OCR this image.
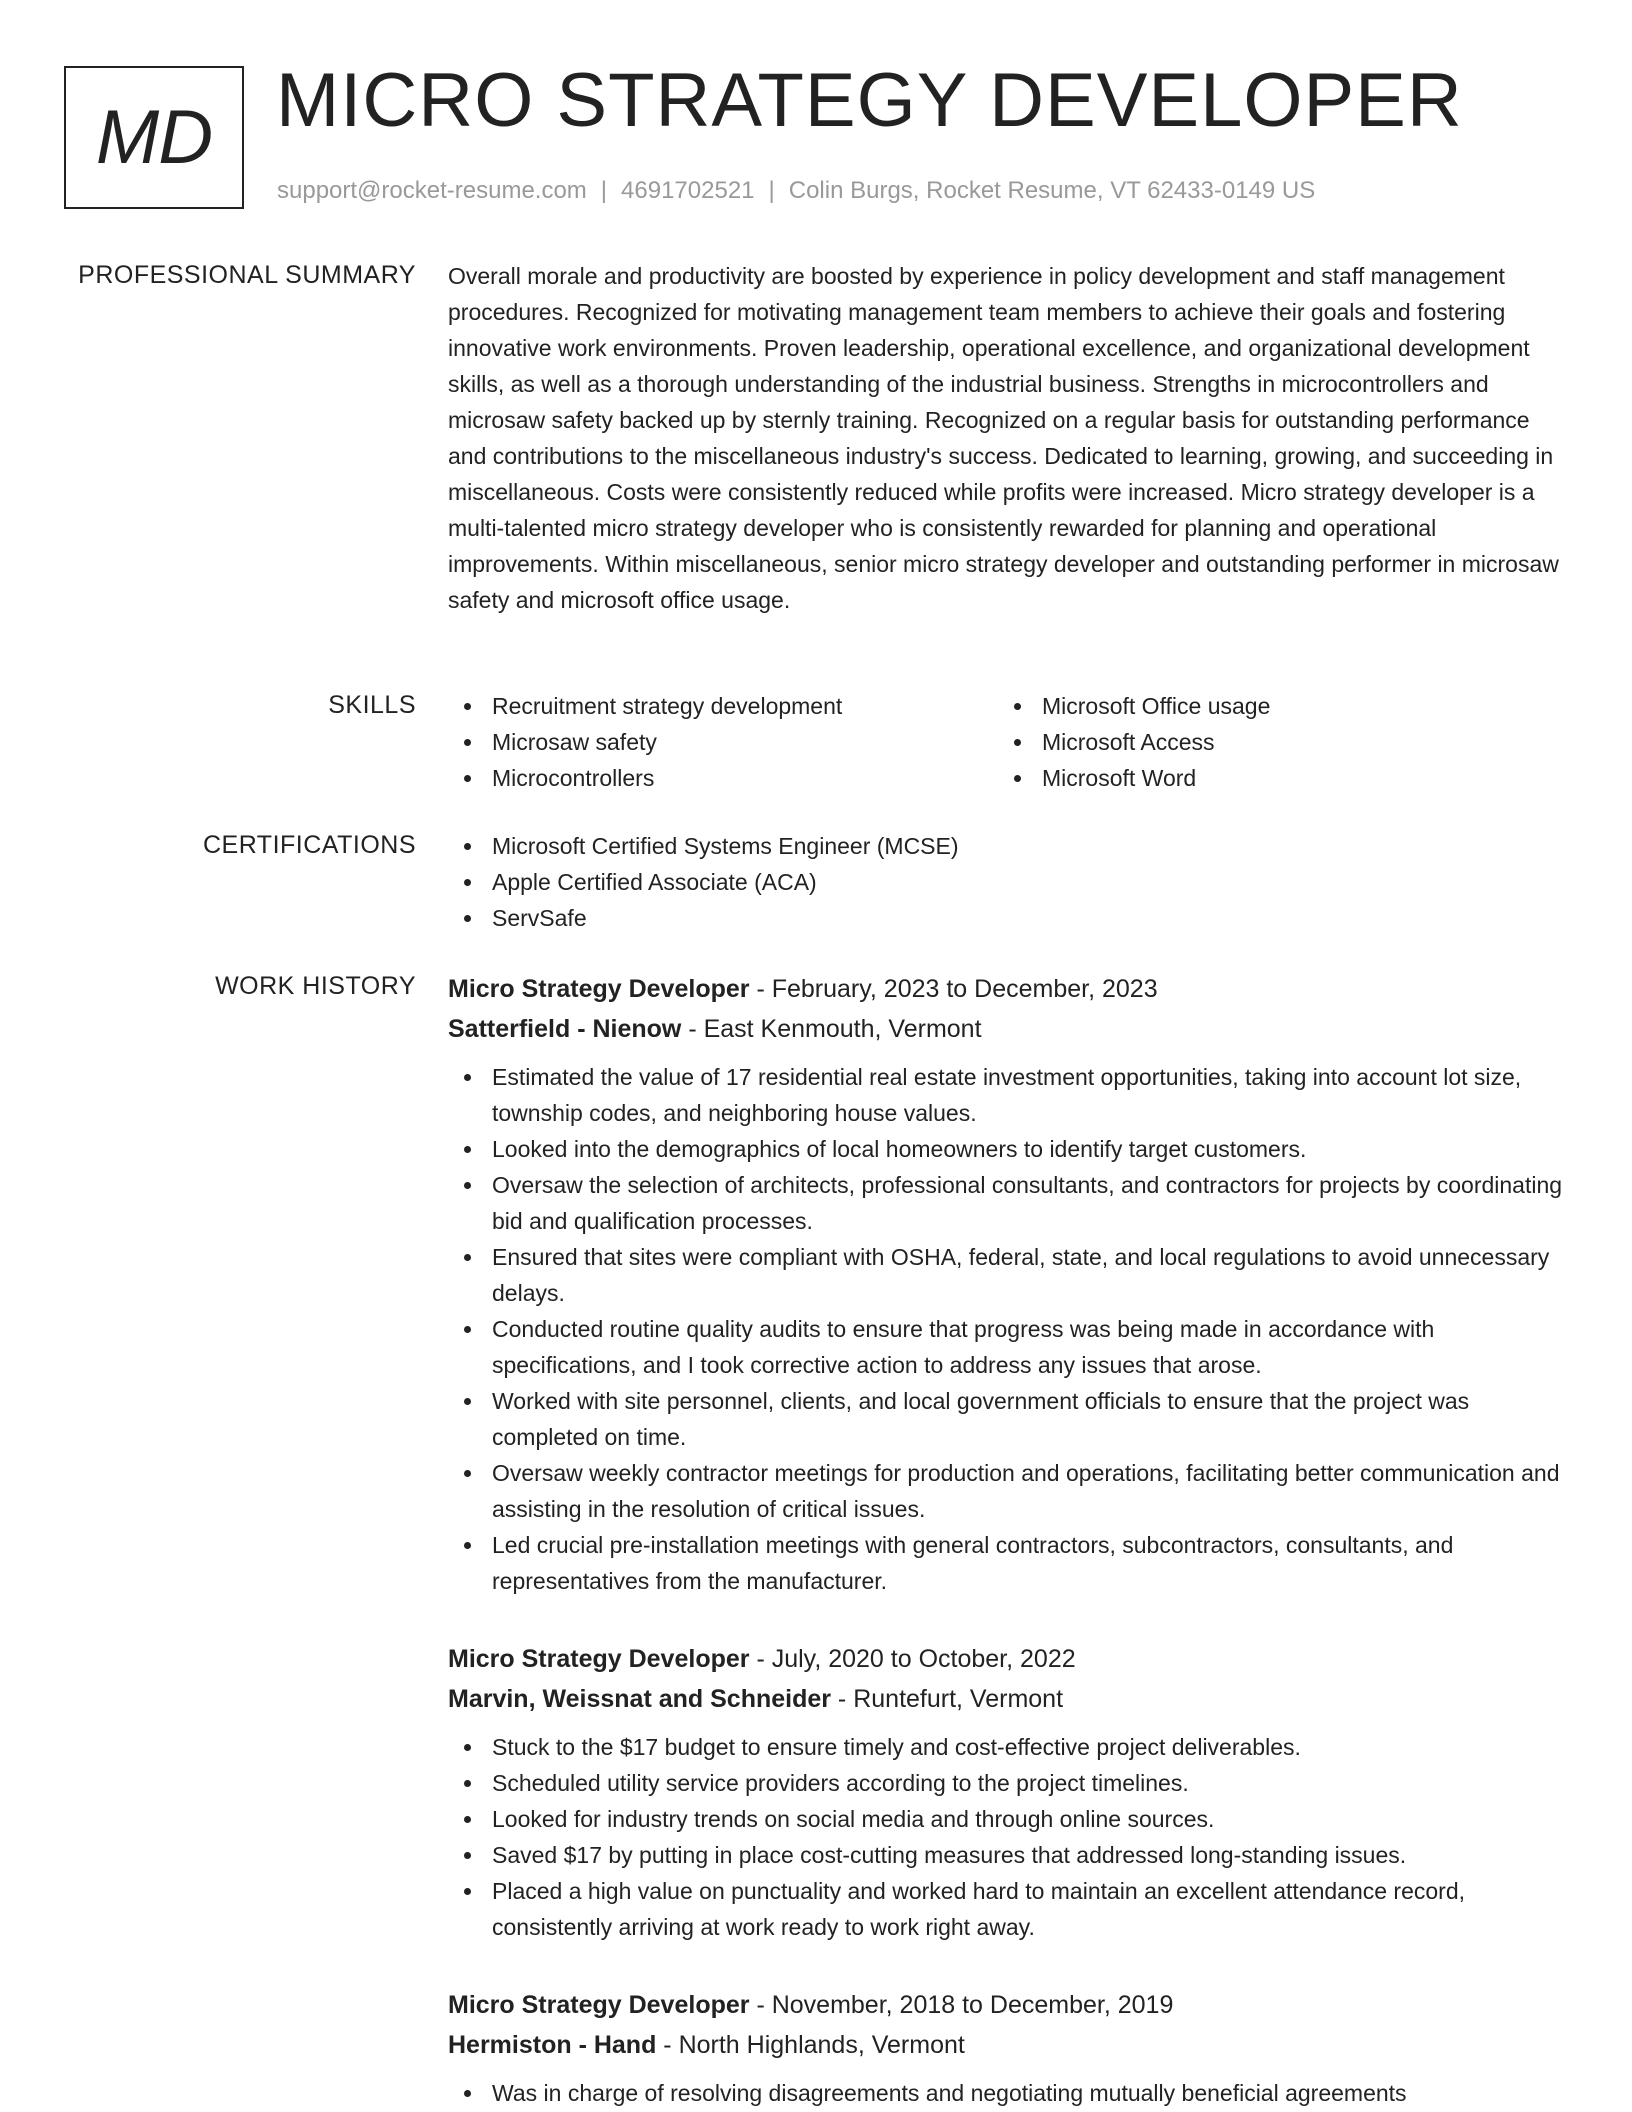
MD MICRO STRATEGY DEVELOPER
support@rocket-resume.com | 4691702521 | Colin Burgs, Rocket Resume, VT 62433-0149 US
PROFESSIONAL SUMMARY Overall morale and productivity are boosted by experience in policy development and staff management procedures. Recognized for motivating management team members to achieve their goals and fostering innovative work environments. Proven leadership, operational excellence, and organizational development skills, as well as a thorough understanding of the industrial business. Strengths in microcontrollers and microsaw safety backed up by sternly training. Recognized on a regular basis for outstanding performance and contributions to the miscellaneous industry's success. Dedicated to learning, growing, and succeeding in miscellaneous. Costs were consistently reduced while profits were increased. Micro strategy developer is a multi-talented micro strategy developer who is consistently rewarded for planning and operational improvements. Within miscellaneous, senior micro strategy developer and outstanding performer in microsaw safety and microsoft office usage.

SKILLS	Recruitment strategy development
Microsaw safety
Microcontrollers
Microsoft Office usage
Microsoft Access
Microsoft Word
CERTIFICATIONS	Microsoft Certified Systems Engineer (MCSE)
Apple Certified Associate (ACA)
ServSafe
WORK HISTORY Micro Strategy Developer - February, 2023 to December, 2023
Satterfield - Nienow - East Kenmouth, Vermont
Estimated the value of 17 residential real estate investment opportunities, taking into account lot size, township codes, and neighboring house values.
Looked into the demographics of local homeowners to identify target customers.
Oversaw the selection of architects, professional consultants, and contractors for projects by coordinating bid and qualification processes.
Ensured that sites were compliant with OSHA, federal, state, and local regulations to avoid unnecessary delays.
Conducted routine quality audits to ensure that progress was being made in accordance with specifications, and I took corrective action to address any issues that arose.
Worked with site personnel, clients, and local government officials to ensure that the project was completed on time.
Oversaw weekly contractor meetings for production and operations, facilitating better communication and assisting in the resolution of critical issues.
Led crucial pre-installation meetings with general contractors, subcontractors, consultants, and representatives from the manufacturer.
Micro Strategy Developer - July, 2020 to October, 2022
Marvin, Weissnat and Schneider - Runtefurt, Vermont
Stuck to the $17 budget to ensure timely and cost-effective project deliverables.
Scheduled utility service providers according to the project timelines.
Looked for industry trends on social media and through online sources.
Saved $17 by putting in place cost-cutting measures that addressed long-standing issues.
Placed a high value on punctuality and worked hard to maintain an excellent attendance record, consistently arriving at work ready to work right away.
Micro Strategy Developer - November, 2018 to December, 2019
Hermiston - Hand - North Highlands, Vermont
Was in charge of resolving disagreements and negotiating mutually beneficial agreements
